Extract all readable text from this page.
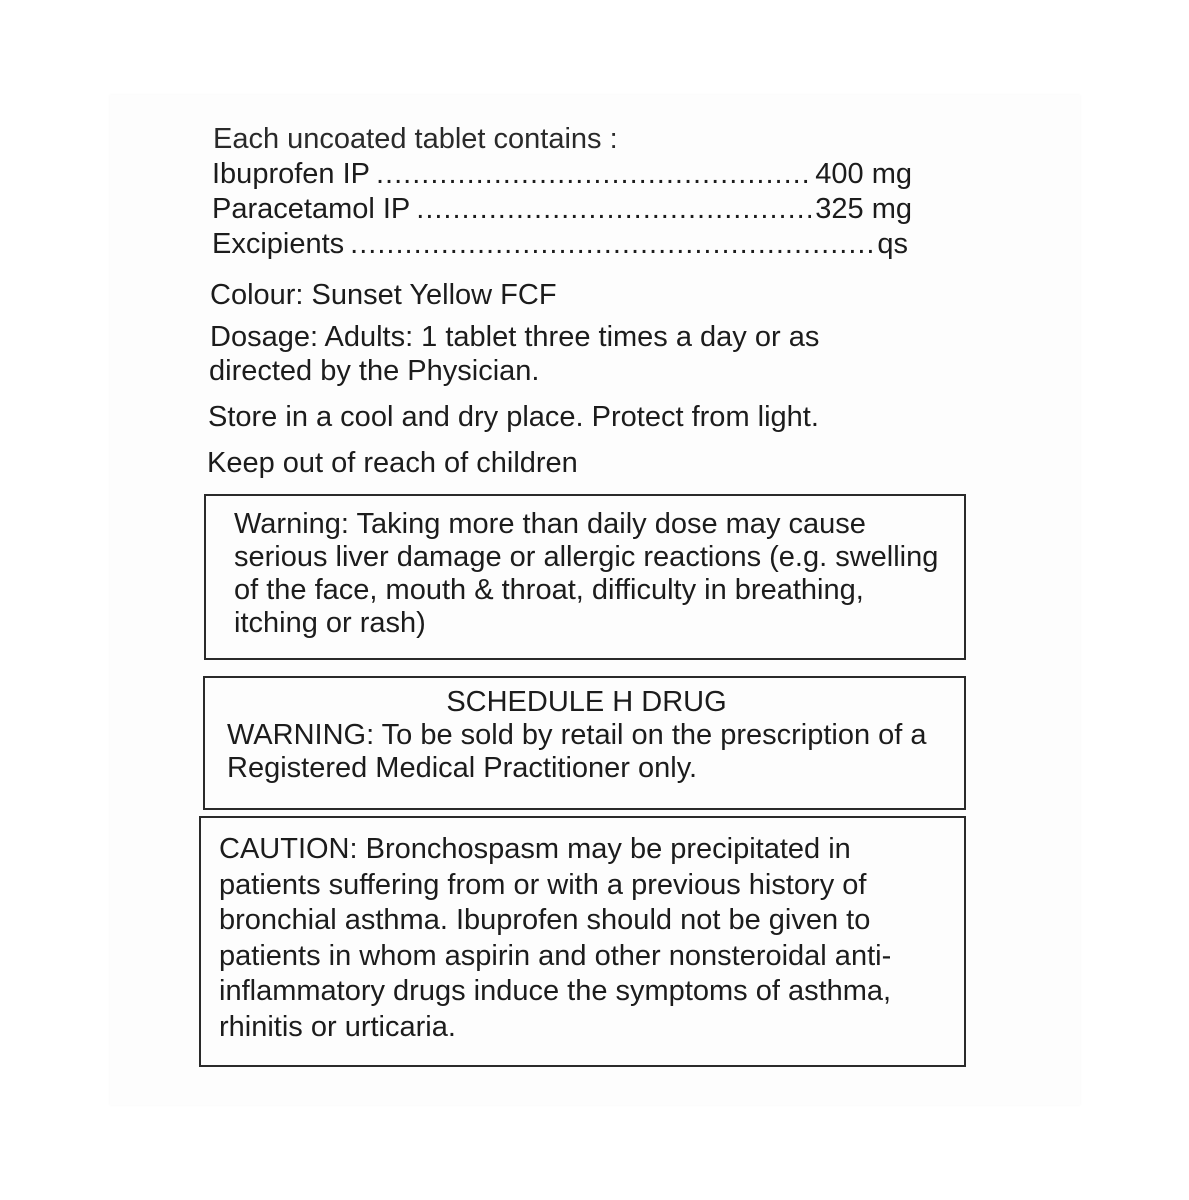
Each uncoated tablet contains :
Ibuprofen IP .....	400 mg
Paracetamol IP .....	325 mg
Excipients .....	qs
Colour: Sunset Yellow FCF
Dosage: Adults: 1 tablet three times a day or as
directed by the Physician.
Store in a cool and dry place. Protect from light.
Keep out of reach of children

Warning: Taking more than daily dose may cause serious liver damage or allergic reactions (e.g. swelling of the face, mouth & throat, difficulty in breathing, itching or rash)

SCHEDULE H DRUG

WARNING: To be sold by retail on the prescription of a Registered Medical Practitioner only.

CAUTION: Bronchospasm may be precipitated in patients suffering from or with a previous history of bronchial asthma. Ibuprofen should not be given to patients in whom aspirin and other nonsteroidal anti-inflammatory drugs induce the symptoms of asthma, rhinitis or urticaria.
